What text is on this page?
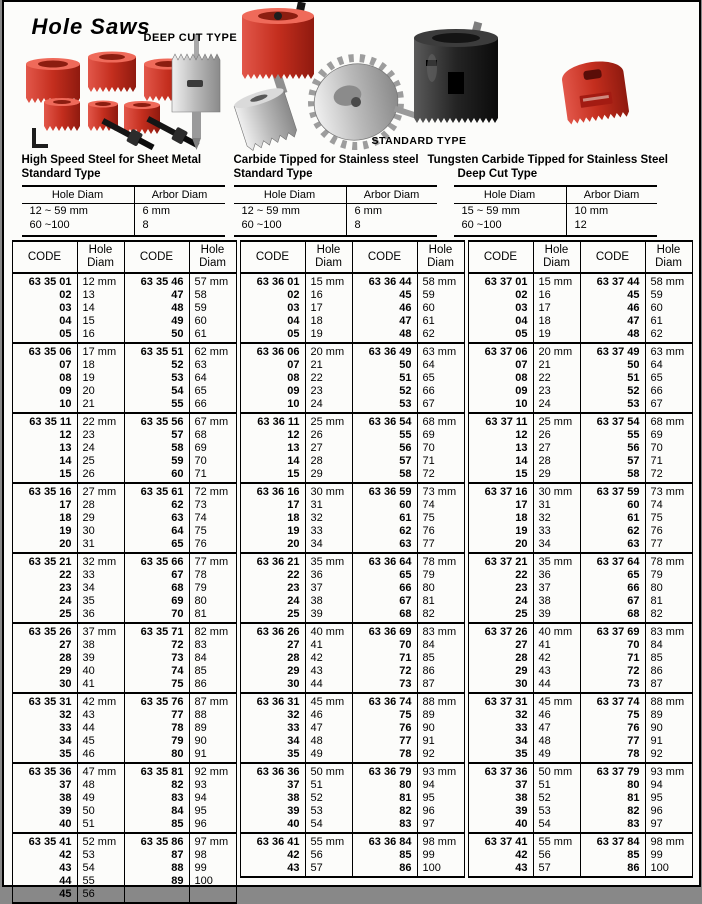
Hole Saws
DEEP CUT TYPE
STANDARD TYPE
High Speed Steel for Sheet Metal
Standard Type
Hole Diam	Arbor Diam
12 ~ 59 mm	6 mm
60 ~100	8
Carbide Tipped for Stainless steel
Standard Type
Hole Diam	Arbor Diam
12 ~ 59 mm	6 mm
60 ~100	8
Tungsten Carbide Tipped for Stainless Steel
Deep Cut Type
Hole Diam	Arbor Diam
15 ~ 59 mm	10 mm
60 ~100	12
CODE	Hole Diam	CODE	Hole Diam
63 35 01	12 mm	63 35 46	57 mm
02	13	47	58
03	14	48	59
04	15	49	60
05	16	50	61
63 35 06	17 mm	63 35 51	62 mm
07	18	52	63
08	19	53	64
09	20	54	65
10	21	55	66
63 35 11	22 mm	63 35 56	67 mm
12	23	57	68
13	24	58	69
14	25	59	70
15	26	60	71
63 35 16	27 mm	63 35 61	72 mm
17	28	62	73
18	29	63	74
19	30	64	75
20	31	65	76
63 35 21	32 mm	63 35 66	77 mm
22	33	67	78
23	34	68	79
24	35	69	80
25	36	70	81
63 35 26	37 mm	63 35 71	82 mm
27	38	72	83
28	39	73	84
29	40	74	85
30	41	75	86
63 35 31	42 mm	63 35 76	87 mm
32	43	77	88
33	44	78	89
34	45	79	90
35	46	80	91
63 35 36	47 mm	63 35 81	92 mm
37	48	82	93
38	49	83	94
39	50	84	95
40	51	85	96
63 35 41	52 mm	63 35 86	97 mm
42	53	87	98
43	54	88	99
44	55	89	100
45	56		
CODE	Hole Diam	CODE	Hole Diam
63 36 01	15 mm	63 36 44	58 mm
02	16	45	59
03	17	46	60
04	18	47	61
05	19	48	62
63 36 06	20 mm	63 36 49	63 mm
07	21	50	64
08	22	51	65
09	23	52	66
10	24	53	67
63 36 11	25 mm	63 36 54	68 mm
12	26	55	69
13	27	56	70
14	28	57	71
15	29	58	72
63 36 16	30 mm	63 36 59	73 mm
17	31	60	74
18	32	61	75
19	33	62	76
20	34	63	77
63 36 21	35 mm	63 36 64	78 mm
22	36	65	79
23	37	66	80
24	38	67	81
25	39	68	82
63 36 26	40 mm	63 36 69	83 mm
27	41	70	84
28	42	71	85
29	43	72	86
30	44	73	87
63 36 31	45 mm	63 36 74	88 mm
32	46	75	89
33	47	76	90
34	48	77	91
35	49	78	92
63 36 36	50 mm	63 36 79	93 mm
37	51	80	94
38	52	81	95
39	53	82	96
40	54	83	97
63 36 41	55 mm	63 36 84	98 mm
42	56	85	99
43	57	86	100
CODE	Hole Diam	CODE	Hole Diam
63 37 01	15 mm	63 37 44	58 mm
02	16	45	59
03	17	46	60
04	18	47	61
05	19	48	62
63 37 06	20 mm	63 37 49	63 mm
07	21	50	64
08	22	51	65
09	23	52	66
10	24	53	67
63 37 11	25 mm	63 37 54	68 mm
12	26	55	69
13	27	56	70
14	28	57	71
15	29	58	72
63 37 16	30 mm	63 37 59	73 mm
17	31	60	74
18	32	61	75
19	33	62	76
20	34	63	77
63 37 21	35 mm	63 37 64	78 mm
22	36	65	79
23	37	66	80
24	38	67	81
25	39	68	82
63 37 26	40 mm	63 37 69	83 mm
27	41	70	84
28	42	71	85
29	43	72	86
30	44	73	87
63 37 31	45 mm	63 37 74	88 mm
32	46	75	89
33	47	76	90
34	48	77	91
35	49	78	92
63 37 36	50 mm	63 37 79	93 mm
37	51	80	94
38	52	81	95
39	53	82	96
40	54	83	97
63 37 41	55 mm	63 37 84	98 mm
42	56	85	99
43	57	86	100
